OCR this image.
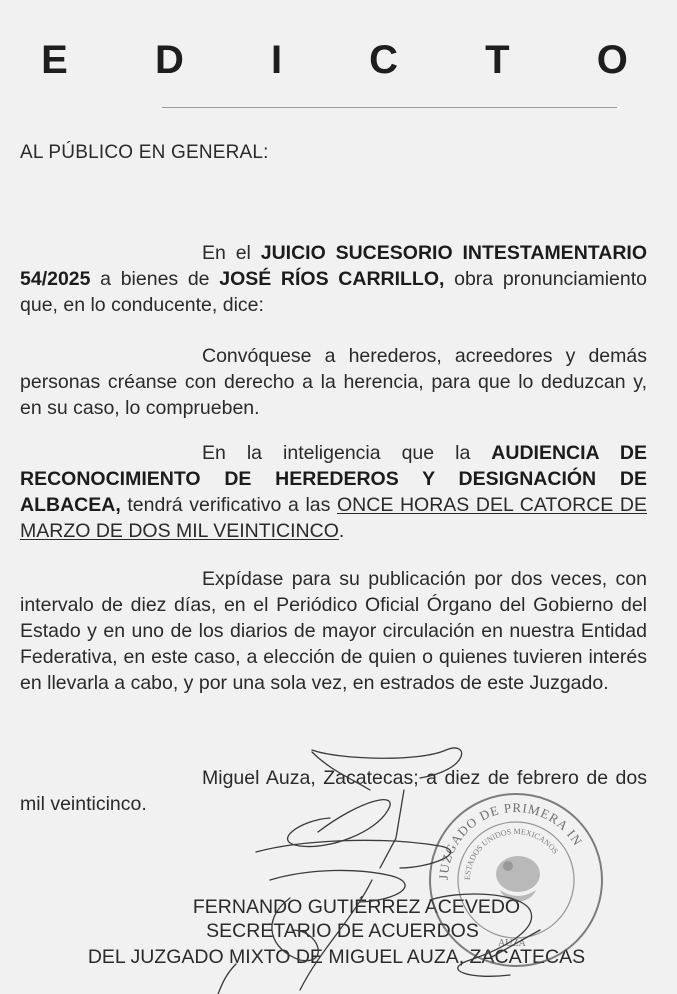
E D I C T O
AL PÚBLICO EN GENERAL:
En el JUICIO SUCESORIO INTESTAMENTARIO 54/2025 a bienes de JOSÉ RÍOS CARRILLO, obra pronunciamiento que, en lo conducente, dice:
Convóquese a herederos, acreedores y demás personas créanse con derecho a la herencia, para que lo deduzcan y, en su caso, lo comprueben.
En la inteligencia que la AUDIENCIA DE RECONOCIMIENTO DE HEREDEROS Y DESIGNACIÓN DE ALBACEA, tendrá verificativo a las ONCE HORAS DEL CATORCE DE MARZO DE DOS MIL VEINTICINCO.
Expídase para su publicación por dos veces, con intervalo de diez días, en el Periódico Oficial Órgano del Gobierno del Estado y en uno de los diarios de mayor circulación en nuestra Entidad Federativa, en este caso, a elección de quien o quienes tuvieren interés en llevarla a cabo, y por una sola vez, en estrados de este Juzgado.
Miguel Auza, Zacatecas; a diez de febrero de dos mil veinticinco.
FERNANDO GUTIÉRREZ ACEVEDO
SECRETARIO DE ACUERDOS
DEL JUZGADO MIXTO DE MIGUEL AUZA, ZACATECAS
JUZGADO DE PRIMERA IN
ESTADOS UNIDOS MEXICANOS
AUZA
